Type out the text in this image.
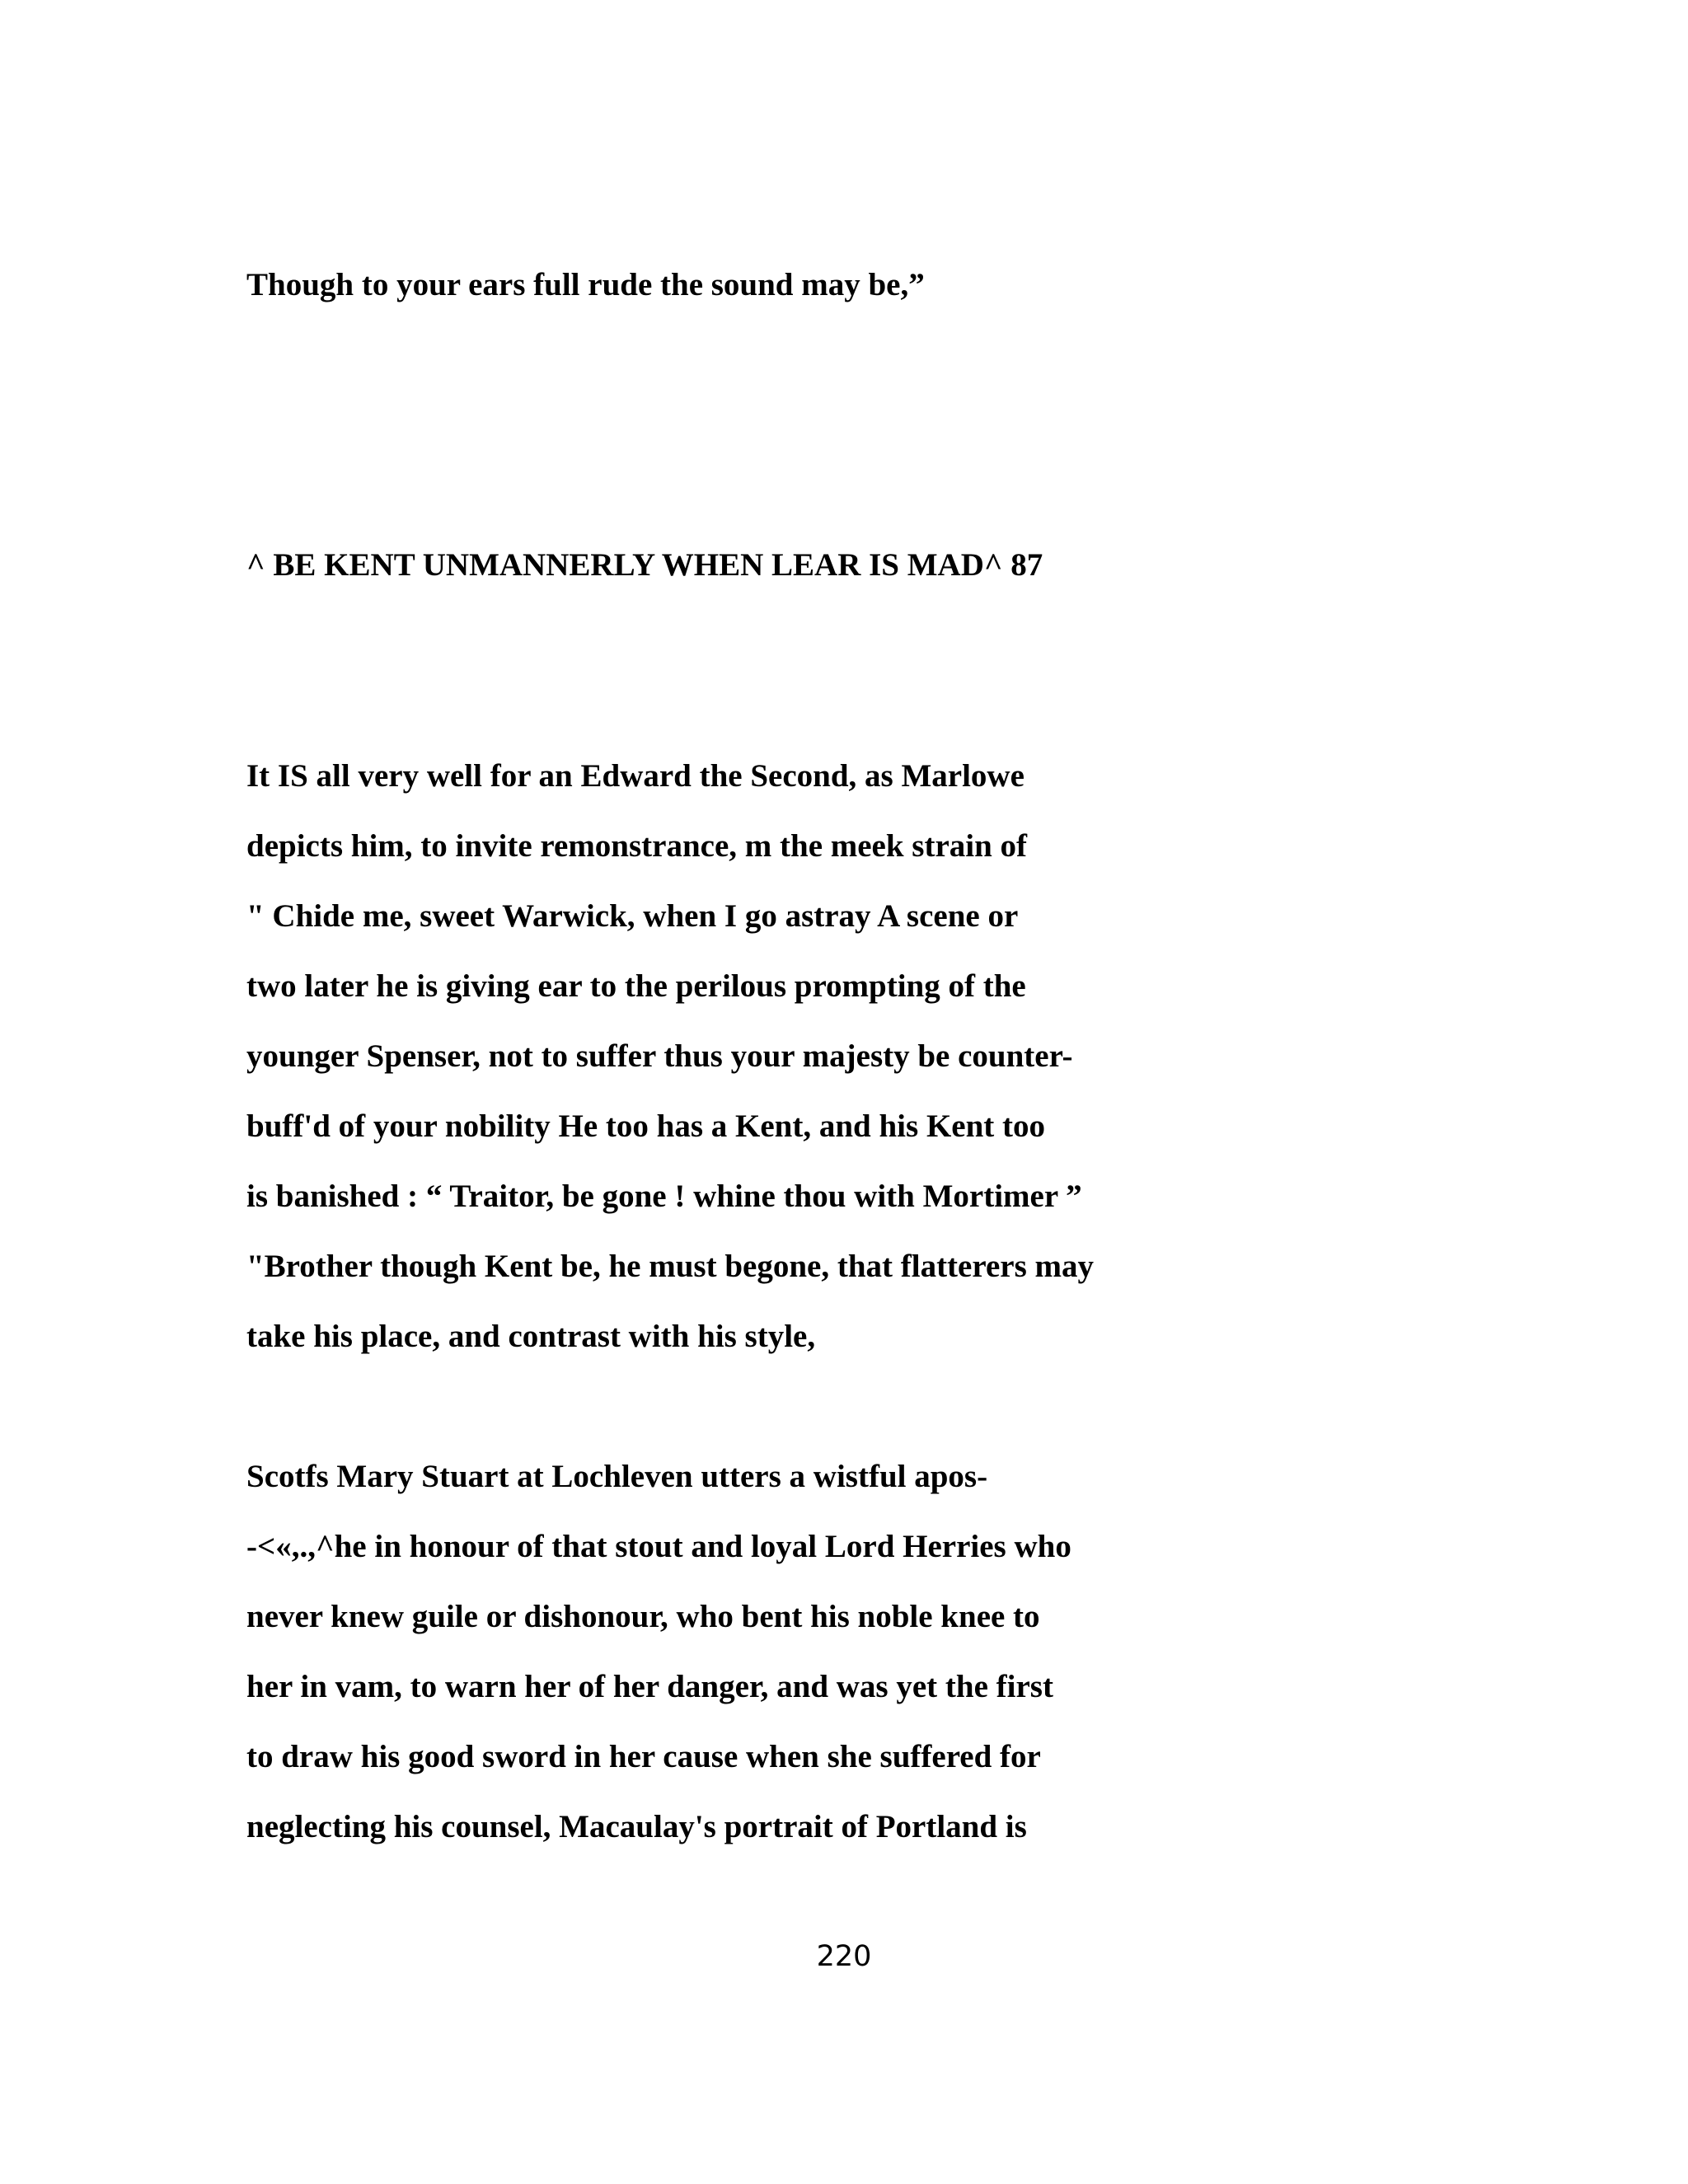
Though to your ears full rude the sound may be,”

^ BE KENT UNMANNERLY WHEN LEAR IS MAD^ 87

It IS all very well for an Edward the Second, as Marlowe

depicts him, to invite remonstrance, m the meek strain of

" Chide me, sweet Warwick, when I go astray A scene or

two later he is giving ear to the perilous prompting of the

younger Spenser, not to suffer thus your majesty be counter-

buff'd of your nobility He too has a Kent, and his Kent too

is banished : “ Traitor, be gone ! whine thou with Mortimer ”

"Brother though Kent be, he must begone, that flatterers may

take his place, and contrast with his style,

Scotfs Mary Stuart at Lochleven utters a wistful apos-

-<«,.,^he in honour of that stout and loyal Lord Herries who

never knew guile or dishonour, who bent his noble knee to

her in vam, to warn her of her danger, and was yet the first

to draw his good sword in her cause when she suffered for

neglecting his counsel, Macaulay's portrait of Portland is

220
